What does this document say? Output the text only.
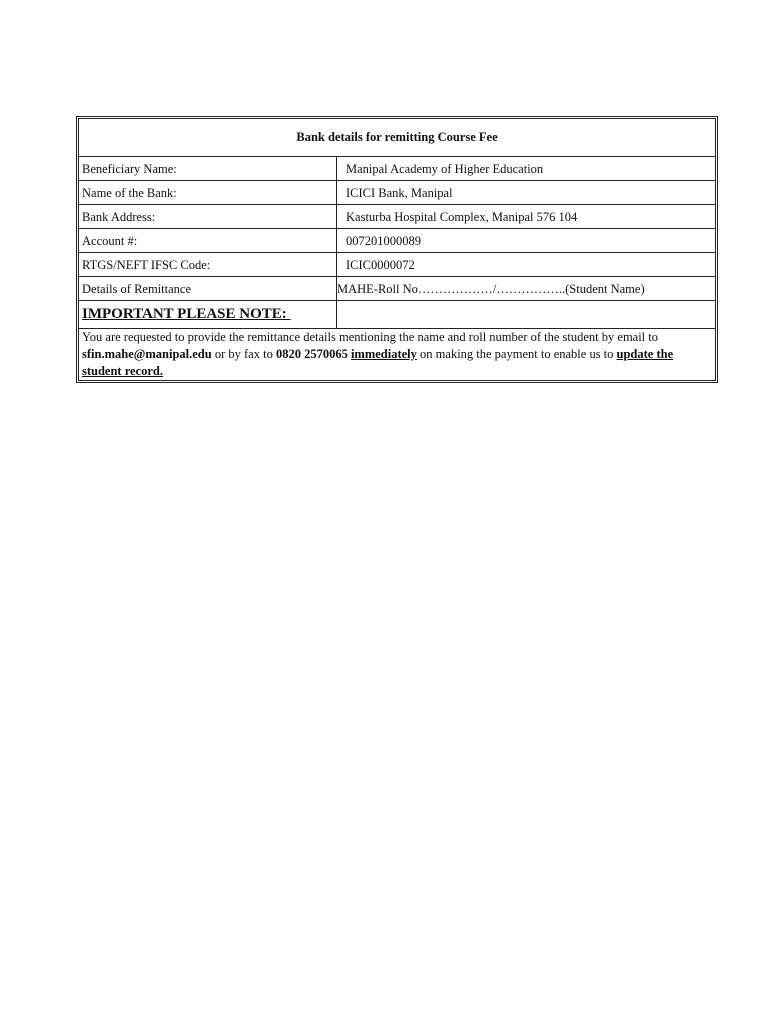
Bank details for remitting Course Fee	
Beneficiary Name:	Manipal Academy of Higher Education
Name of the Bank:	ICICI Bank, Manipal
Bank Address:	Kasturba Hospital Complex, Manipal 576 104
Account #:	007201000089
RTGS/NEFT IFSC Code:	ICIC0000072
Details of Remittance	MAHE-Roll No………………/……………..(Student Name)
IMPORTANT PLEASE NOTE:	
You are requested to provide the remittance details mentioning the name and roll number of the student by email to sfin.mahe@manipal.edu or by fax to 0820 2570065 immediately on making the payment to enable us to update the student record.	
